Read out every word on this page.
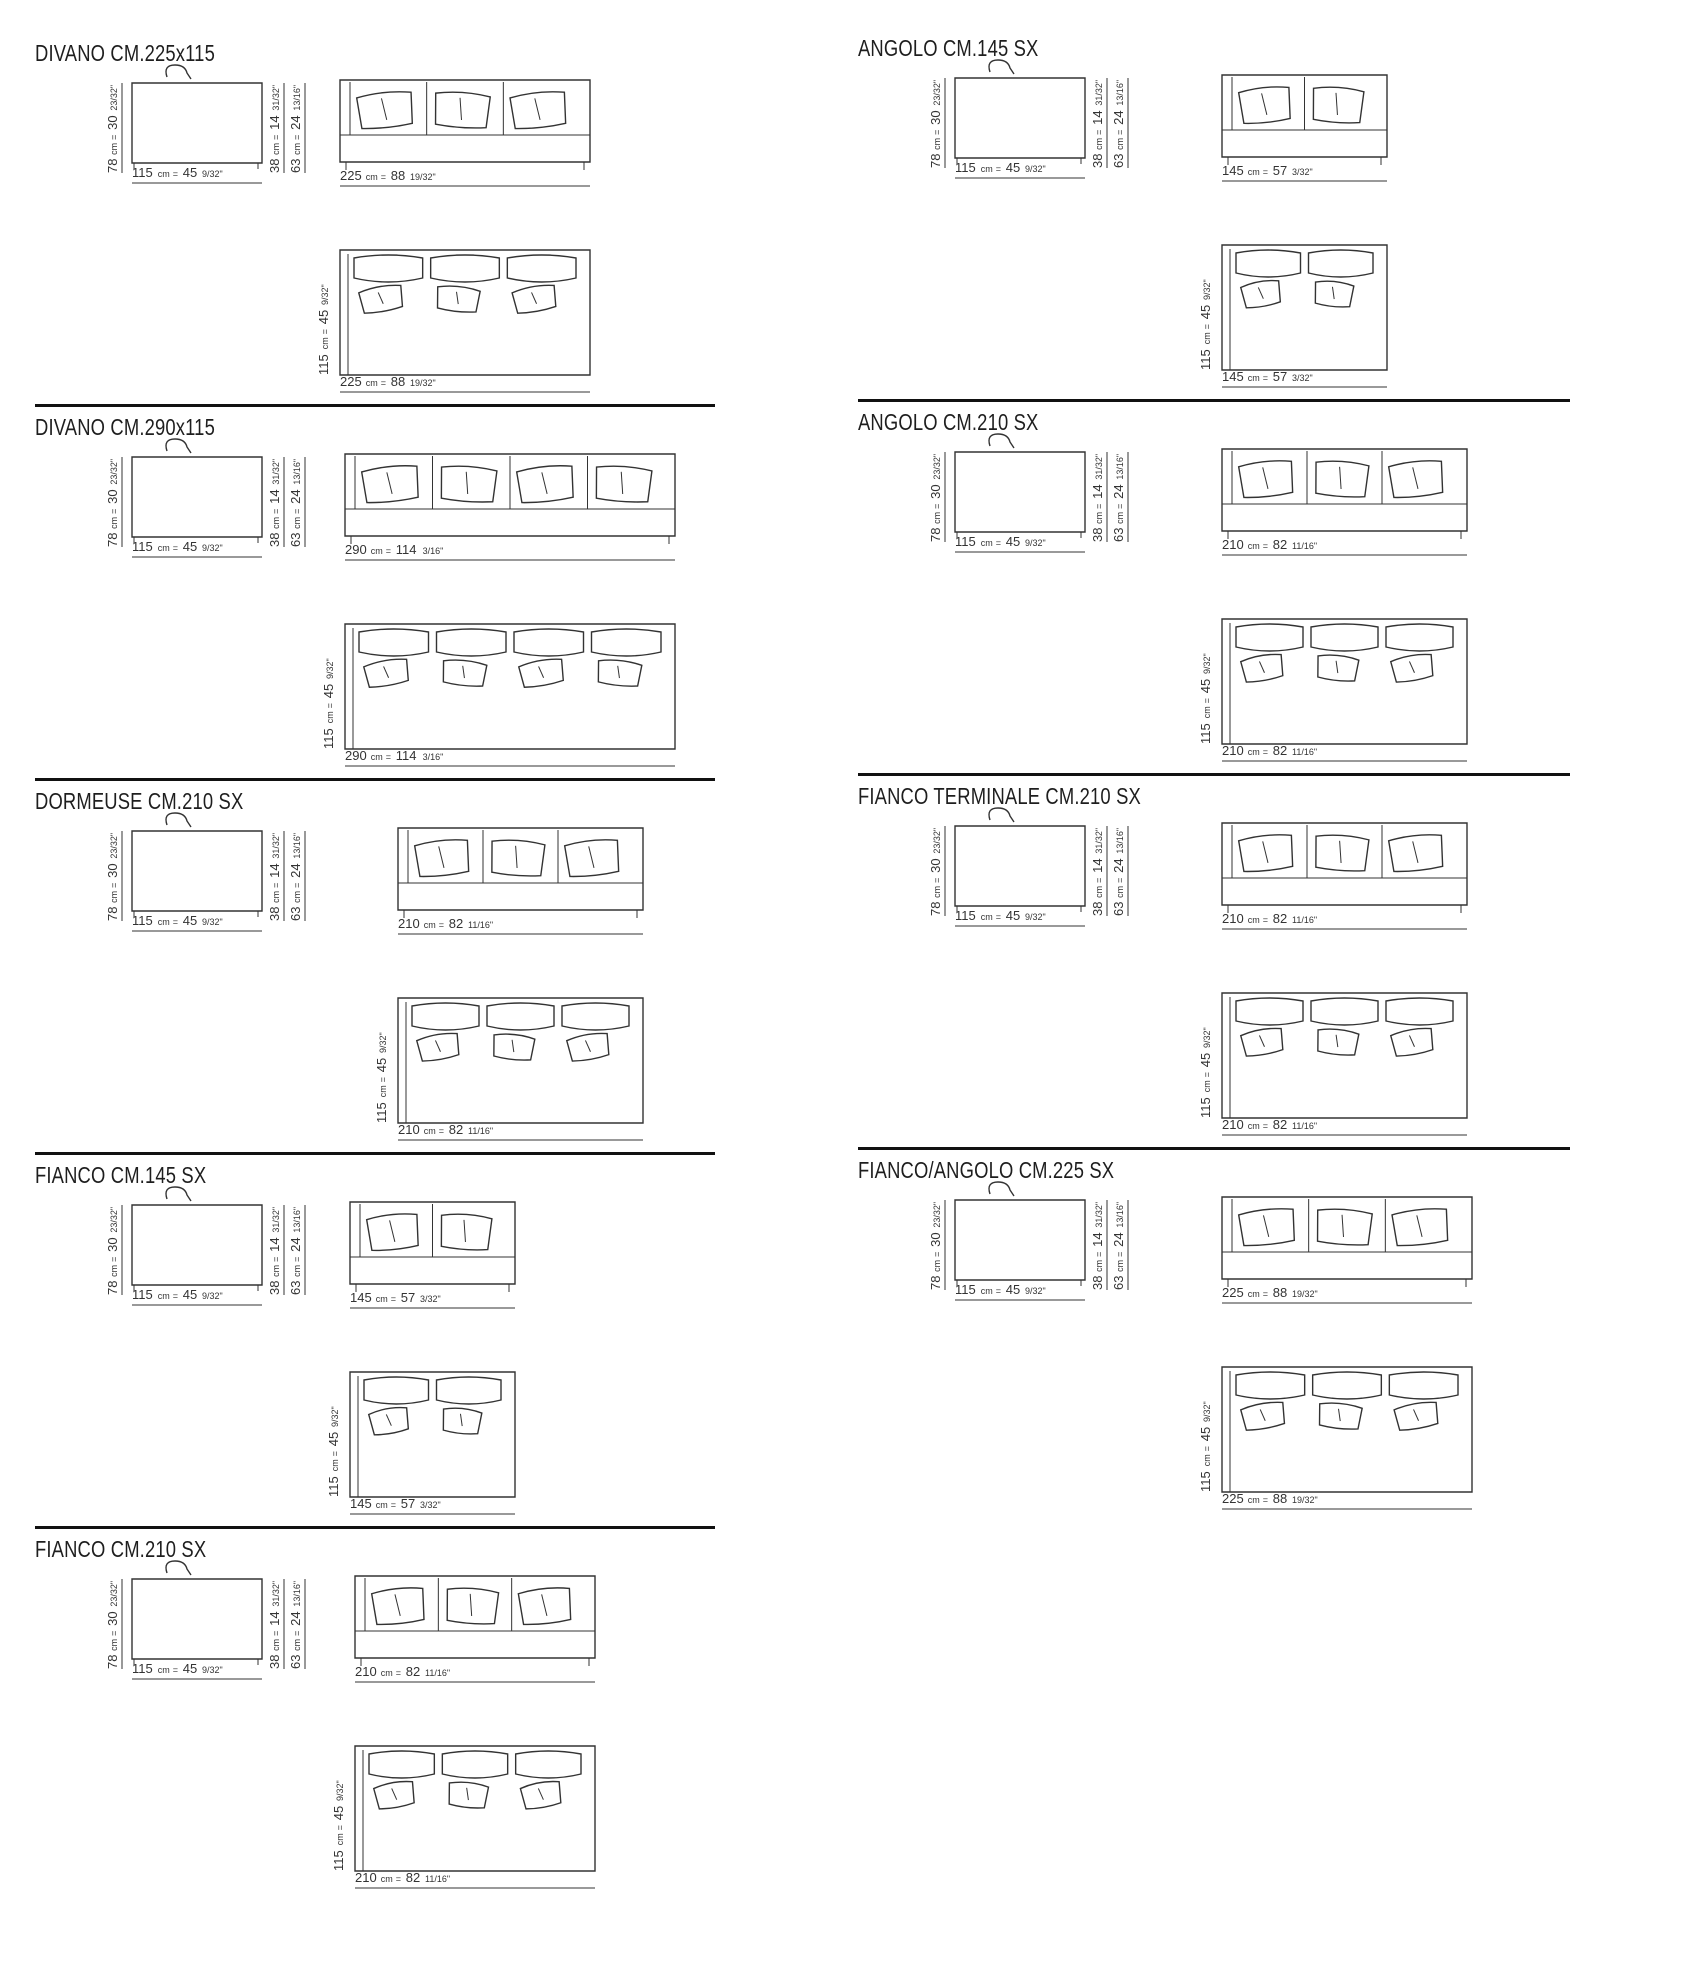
DIVANO CM.225x115
115 cm = 45 9/32"
78
cm
=
30
23/32"
38
cm
=
14
31/32"
63
cm
=
24
13/16"
225 cm = 88 19/32"
225 cm = 88 19/32"
115
cm
=
45
9/32"
DIVANO CM.290x115
115 cm = 45 9/32"
78
cm
=
30
23/32"
38
cm
=
14
31/32"
63
cm
=
24
13/16"
290 cm = 114 3/16"
290 cm = 114 3/16"
115
cm
=
45
9/32"
DORMEUSE CM.210 SX
115 cm = 45 9/32"
78
cm
=
30
23/32"
38
cm
=
14
31/32"
63
cm
=
24
13/16"
210 cm = 82 11/16"
210 cm = 82 11/16"
115
cm
=
45
9/32"
FIANCO CM.145 SX
115 cm = 45 9/32"
78
cm
=
30
23/32"
38
cm
=
14
31/32"
63
cm
=
24
13/16"
145 cm = 57 3/32"
145 cm = 57 3/32"
115
cm
=
45
9/32"
FIANCO CM.210 SX
115 cm = 45 9/32"
78
cm
=
30
23/32"
38
cm
=
14
31/32"
63
cm
=
24
13/16"
210 cm = 82 11/16"
210 cm = 82 11/16"
115
cm
=
45
9/32"
ANGOLO CM.145 SX
115 cm = 45 9/32"
78
cm
=
30
23/32"
38
cm
=
14
31/32"
63
cm
=
24
13/16"
145 cm = 57 3/32"
145 cm = 57 3/32"
115
cm
=
45
9/32"
ANGOLO CM.210 SX
115 cm = 45 9/32"
78
cm
=
30
23/32"
38
cm
=
14
31/32"
63
cm
=
24
13/16"
210 cm = 82 11/16"
210 cm = 82 11/16"
115
cm
=
45
9/32"
FIANCO TERMINALE CM.210 SX
115 cm = 45 9/32"
78
cm
=
30
23/32"
38
cm
=
14
31/32"
63
cm
=
24
13/16"
210 cm = 82 11/16"
210 cm = 82 11/16"
115
cm
=
45
9/32"
FIANCO/ANGOLO CM.225 SX
115 cm = 45 9/32"
78
cm
=
30
23/32"
38
cm
=
14
31/32"
63
cm
=
24
13/16"
225 cm = 88 19/32"
225 cm = 88 19/32"
115
cm
=
45
9/32"
